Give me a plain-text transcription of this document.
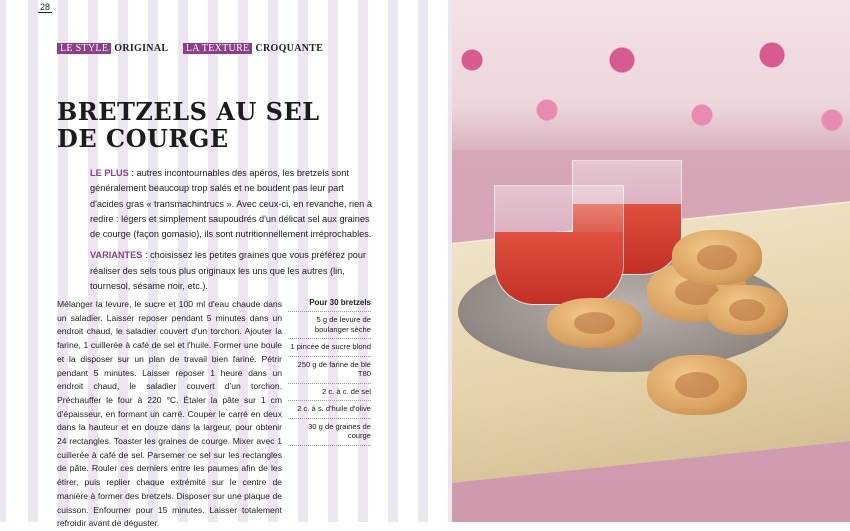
28
LE STYLE ORIGINAL LA TEXTURE CROQUANTE
BRETZELS AU SEL
DE COURGE

LE PLUS : autres incontournables des apéros, les bretzels sont généralement beaucoup trop salés et ne boudent pas leur part d'acides gras « transmachintrucs ». Avec ceux-ci, en revanche, rien à redire : légers et simplement saupoudrés d'un délicat sel aux graines de courge (façon gomasio), ils sont nutritionnellement irréprochables.

VARIANTES : choisissez les petites graines que vous préférez pour réaliser des sels tous plus originaux les uns que les autres (lin, tournesol, sésame noir, etc.).

Mélanger la levure, le sucre et 100 ml d'eau chaude dans un saladier. Laisser reposer pendant 5 minutes dans un endroit chaud, le saladier couvert d'un torchon. Ajouter la farine, 1 cuillerée à café de sel et l'huile. Former une boule et la disposer sur un plan de travail bien fariné. Pétrir pendant 5 minutes. Laisser reposer 1 heure dans un endroit chaud, le saladier couvert d'un torchon. Préchauffer le four à 220 °C. Étaler la pâte sur 1 cm d'épaisseur, en formant un carré. Couper le carré en deux dans la hauteur et en douze dans la largeur, pour obtenir 24 rectangles. Toaster les graines de courge. Mixer avec 1 cuillerée à café de sel. Parsemer ce sel sur les rectangles de pâte. Rouler ces derniers entre les paumes afin de les étirer, puis replier chaque extrémité sur le centre de manière à former des bretzels. Disposer sur une plaque de cuisson. Enfourner pour 15 minutes. Laisser totalement refroidir avant de déguster.
Pour 30 bretzels
5 g de levure de boulanger sèche
1 pincée de sucre blond
250 g de farine de blé T80
2 c. à c. de sel
2 c. à s. d'huile d'olive
30 g de graines de courge
